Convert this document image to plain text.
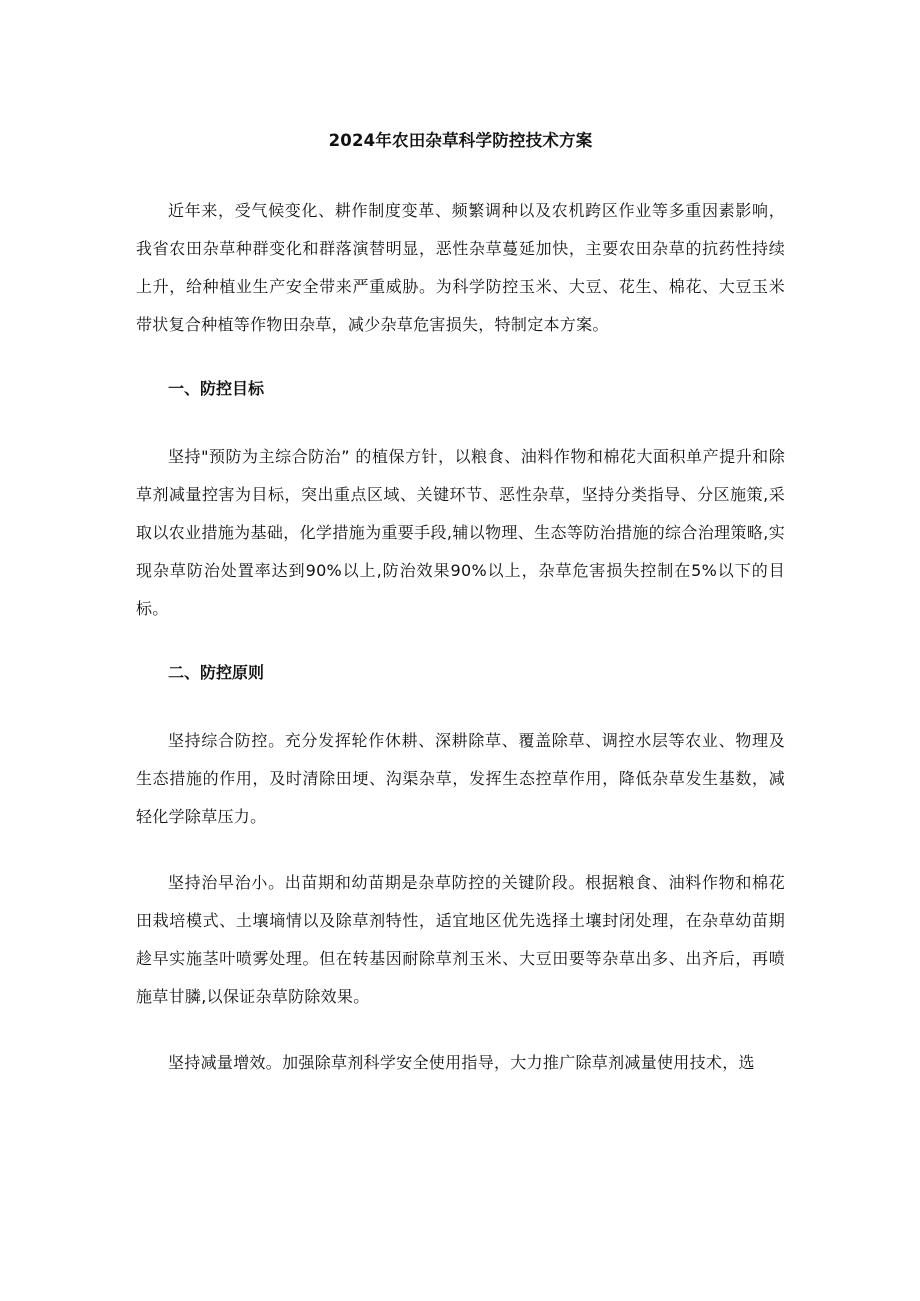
2024年农田杂草科学防控技术方案

近年来，受气候变化、耕作制度变革、频繁调种以及农机跨区作业等多重因素影响，我省农田杂草种群变化和群落演替明显，恶性杂草蔓延加快，主要农田杂草的抗药性持续上升，给种植业生产安全带来严重威胁。为科学防控玉米、大豆、花生、棉花、大豆玉米带状复合种植等作物田杂草，减少杂草危害损失，特制定本方案。

一、防控目标

坚持"预防为主综合防治” 的植保方针，以粮食、油料作物和棉花大面积单产提升和除草剂减量控害为目标，突出重点区域、关键环节、恶性杂草，坚持分类指导、分区施策,采取以农业措施为基础，化学措施为重要手段,辅以物理、生态等防治措施的综合治理策略,实现杂草防治处置率达到90%以上,防治效果90%以上，杂草危害损失控制在5%以下的目标。

二、防控原则

坚持综合防控。充分发挥轮作休耕、深耕除草、覆盖除草、调控水层等农业、物理及生态措施的作用，及时清除田埂、沟渠杂草，发挥生态控草作用，降低杂草发生基数，减轻化学除草压力。

坚持治早治小。出苗期和幼苗期是杂草防控的关键阶段。根据粮食、油料作物和棉花田栽培模式、土壤墒情以及除草剂特性，适宜地区优先选择土壤封闭处理，在杂草幼苗期趁早实施茎叶喷雾处理。但在转基因耐除草剂玉米、大豆田要等杂草出多、出齐后，再喷施草甘膦,以保证杂草防除效果。

坚持减量增效。加强除草剂科学安全使用指导，大力推广除草剂减量使用技术，选
